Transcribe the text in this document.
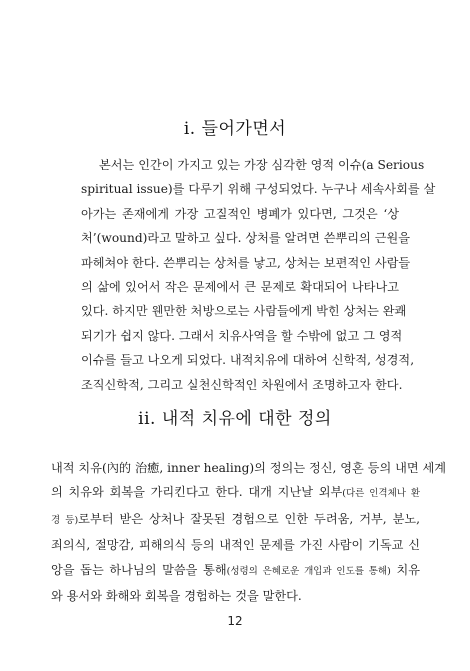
i. 들어가면서
본서는 인간이 가지고 있는 가장 심각한 영적 이슈(a Serious
spiritual issue)를 다루기 위해 구성되었다. 누구나 세속사회를 살
아가는 존재에게 가장 고질적인 병폐가 있다면, 그것은 ‘상
처’(wound)라고 말하고 싶다. 상처를 알려면 쓴뿌리의 근원을
파헤쳐야 한다. 쓴뿌리는 상처를 낳고, 상처는 보편적인 사람들
의 삶에 있어서 작은 문제에서 큰 문제로 확대되어 나타나고
있다. 하지만 웬만한 처방으로는 사람들에게 박힌 상처는 완쾌
되기가 쉽지 않다. 그래서 치유사역을 할 수밖에 없고 그 영적
이슈를 들고 나오게 되었다. 내적치유에 대하여 신학적, 성경적,
조직신학적, 그리고 실천신학적인 차원에서 조명하고자 한다.
ii. 내적 치유에 대한 정의
내적 치유(內的 治癒, inner healing)의 정의는 정신, 영혼 등의 내면 세계
의 치유와 회복을 가리킨다고 한다. 대개 지난날 외부(다른 인격체나 환
경 등)로부터 받은 상처나 잘못된 경험으로 인한 두려움, 거부, 분노,
죄의식, 절망감, 피해의식 등의 내적인 문제를 가진 사람이 기독교 신
앙을 돕는 하나님의 말씀을 통해(성령의 은혜로운 개입과 인도를 통해) 치유
와 용서와 화해와 회복을 경험하는 것을 말한다.
12
